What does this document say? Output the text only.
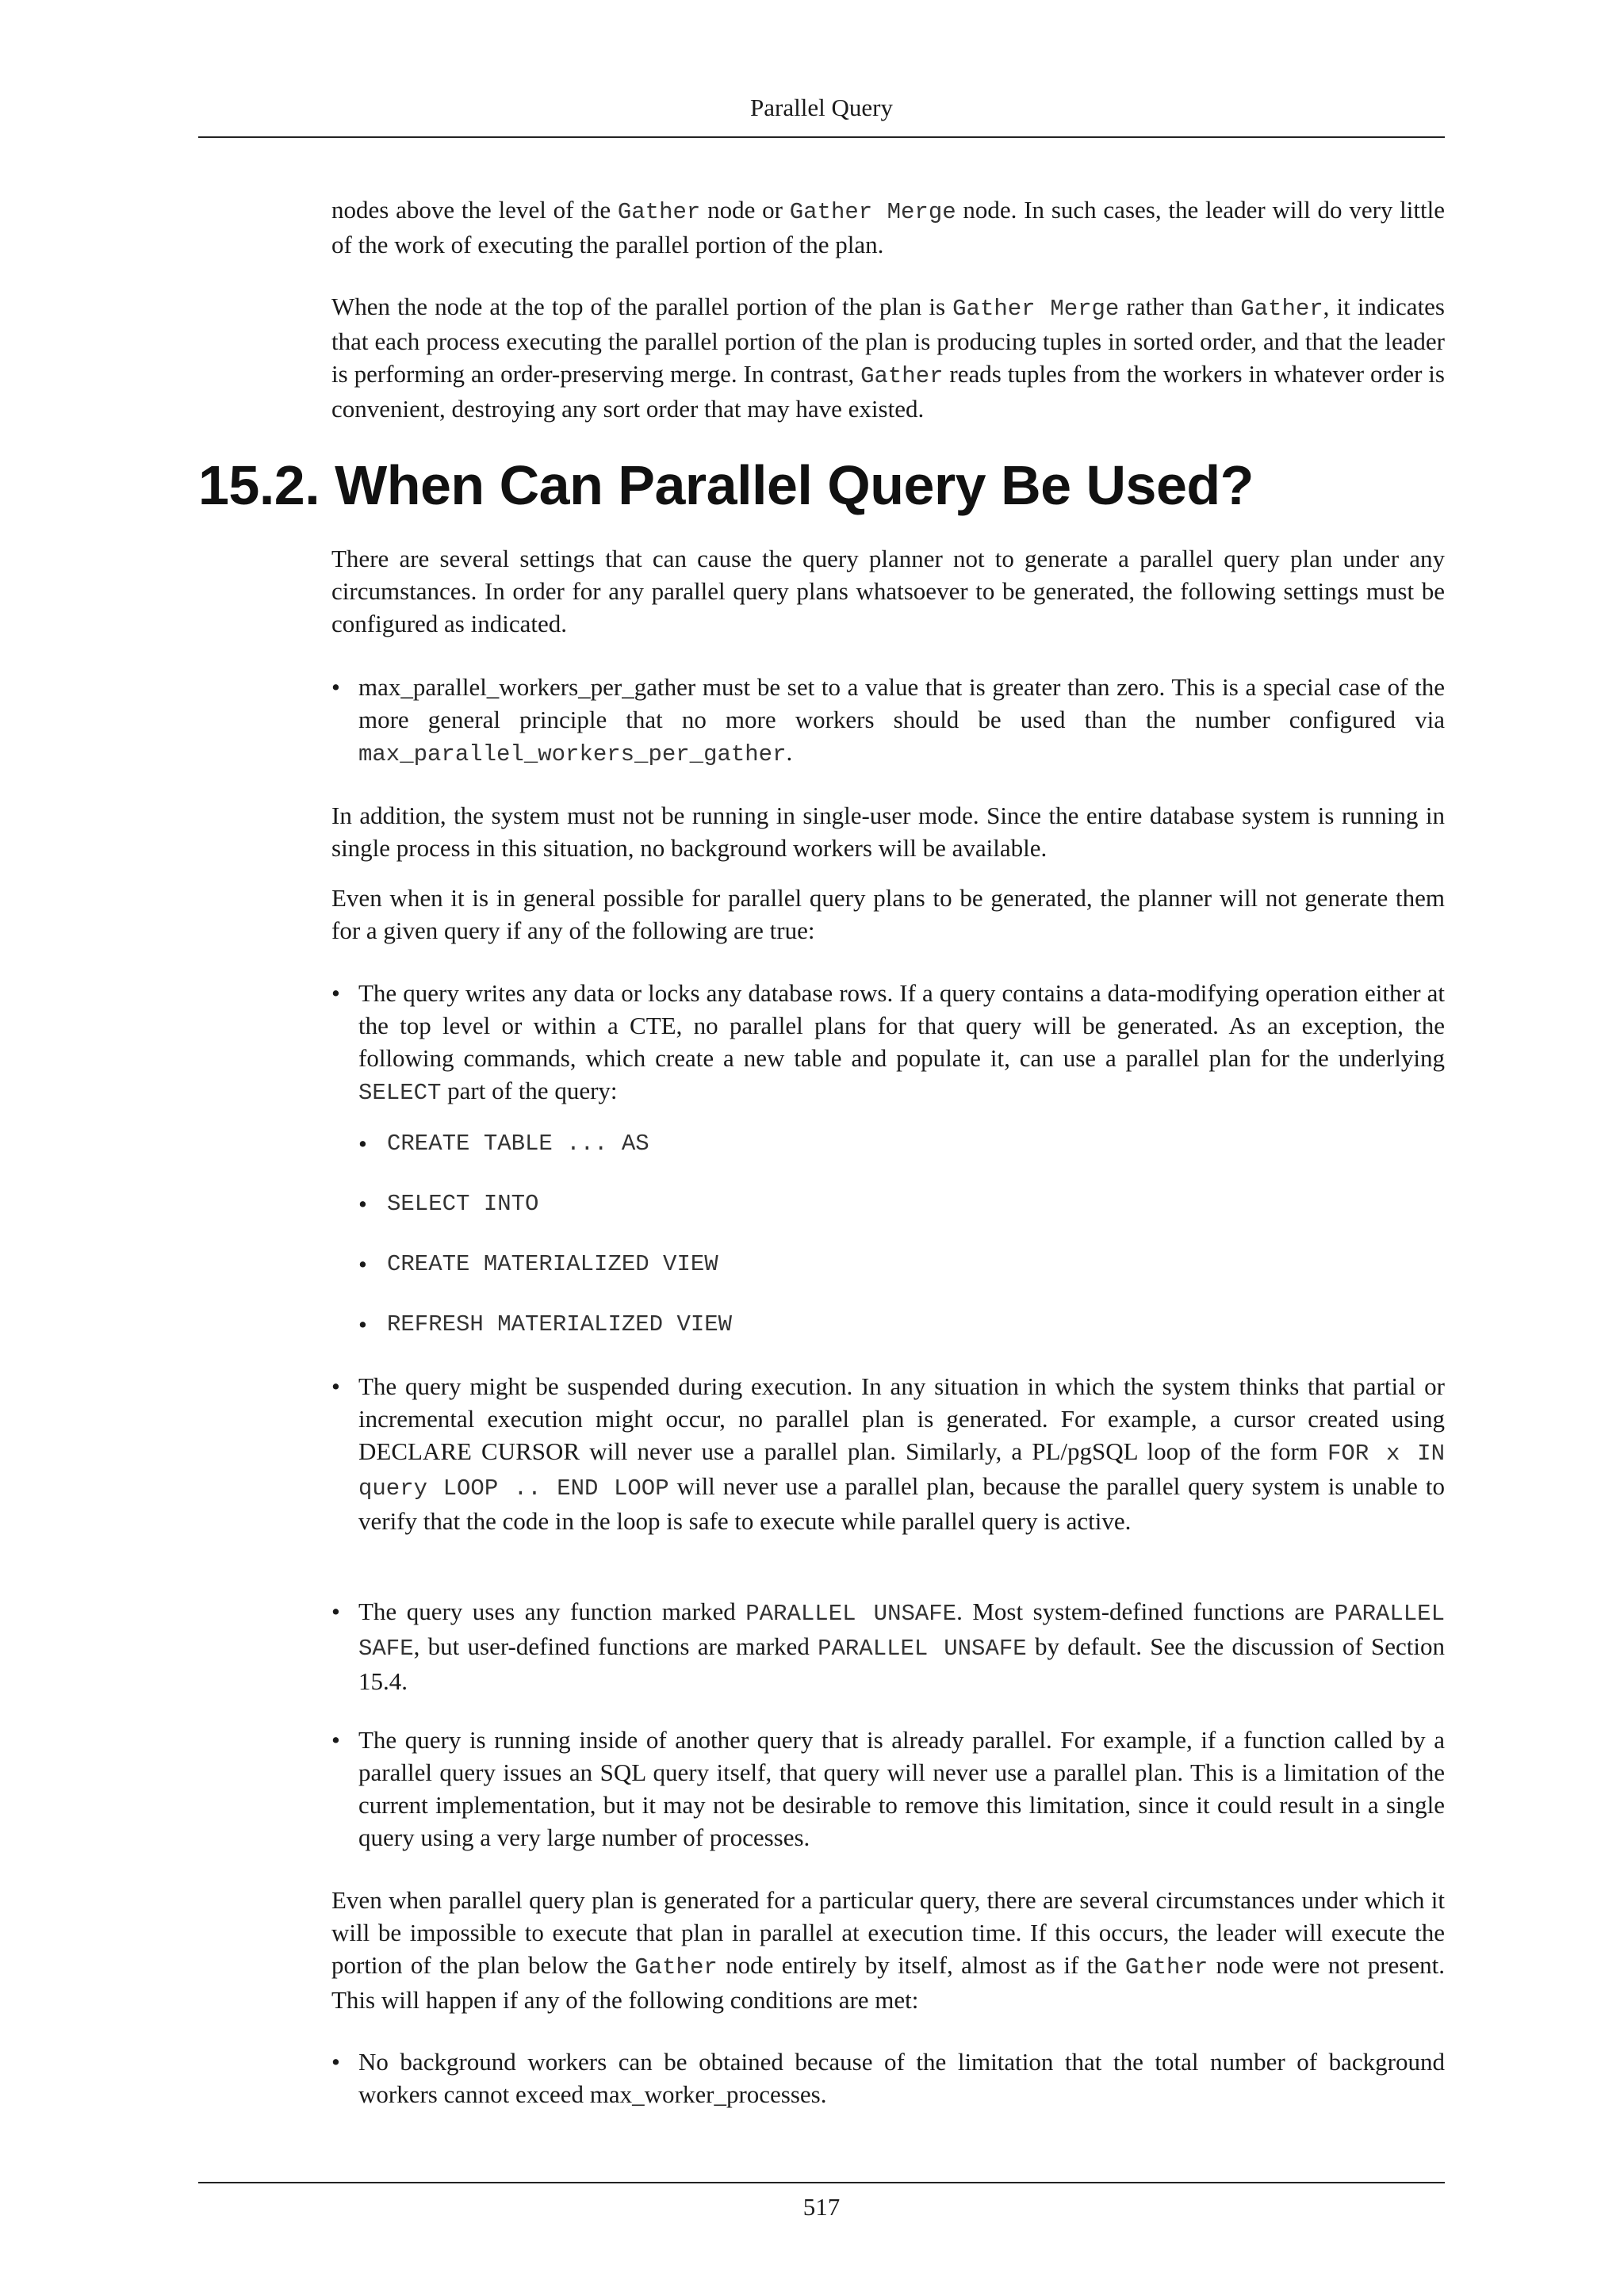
Parallel Query

nodes above the level of the Gather node or Gather Merge node. In such cases, the leader will do very little of the work of executing the parallel portion of the plan.

When the node at the top of the parallel portion of the plan is Gather Merge rather than Gather, it indicates that each process executing the parallel portion of the plan is producing tuples in sorted order, and that the leader is performing an order-preserving merge. In contrast, Gather reads tuples from the workers in whatever order is convenient, destroying any sort order that may have existed.

15.2. When Can Parallel Query Be Used?

There are several settings that can cause the query planner not to generate a parallel query plan under any circumstances. In order for any parallel query plans whatsoever to be generated, the following settings must be configured as indicated.

• max_parallel_workers_per_gather must be set to a value that is greater than zero. This is a special case of the more general principle that no more workers should be used than the number configured via max_parallel_workers_per_gather.

In addition, the system must not be running in single-user mode. Since the entire database system is running in single process in this situation, no background workers will be available.

Even when it is in general possible for parallel query plans to be generated, the planner will not generate them for a given query if any of the following are true:

• The query writes any data or locks any database rows. If a query contains a data-modifying operation either at the top level or within a CTE, no parallel plans for that query will be generated. As an exception, the following commands, which create a new table and populate it, can use a parallel plan for the underlying SELECT part of the query:

• CREATE TABLE ... AS

• SELECT INTO

• CREATE MATERIALIZED VIEW

• REFRESH MATERIALIZED VIEW

• The query might be suspended during execution. In any situation in which the system thinks that partial or incremental execution might occur, no parallel plan is generated. For example, a cursor created using DECLARE CURSOR will never use a parallel plan. Similarly, a PL/pgSQL loop of the form FOR x IN query LOOP .. END LOOP will never use a parallel plan, because the parallel query system is unable to verify that the code in the loop is safe to execute while parallel query is active.

• The query uses any function marked PARALLEL UNSAFE. Most system-defined functions are PARALLEL SAFE, but user-defined functions are marked PARALLEL UNSAFE by default. See the discussion of Section 15.4.

• The query is running inside of another query that is already parallel. For example, if a function called by a parallel query issues an SQL query itself, that query will never use a parallel plan. This is a limitation of the current implementation, but it may not be desirable to remove this limitation, since it could result in a single query using a very large number of processes.

Even when parallel query plan is generated for a particular query, there are several circumstances under which it will be impossible to execute that plan in parallel at execution time. If this occurs, the leader will execute the portion of the plan below the Gather node entirely by itself, almost as if the Gather node were not present. This will happen if any of the following conditions are met:

• No background workers can be obtained because of the limitation that the total number of background workers cannot exceed max_worker_processes.

517
